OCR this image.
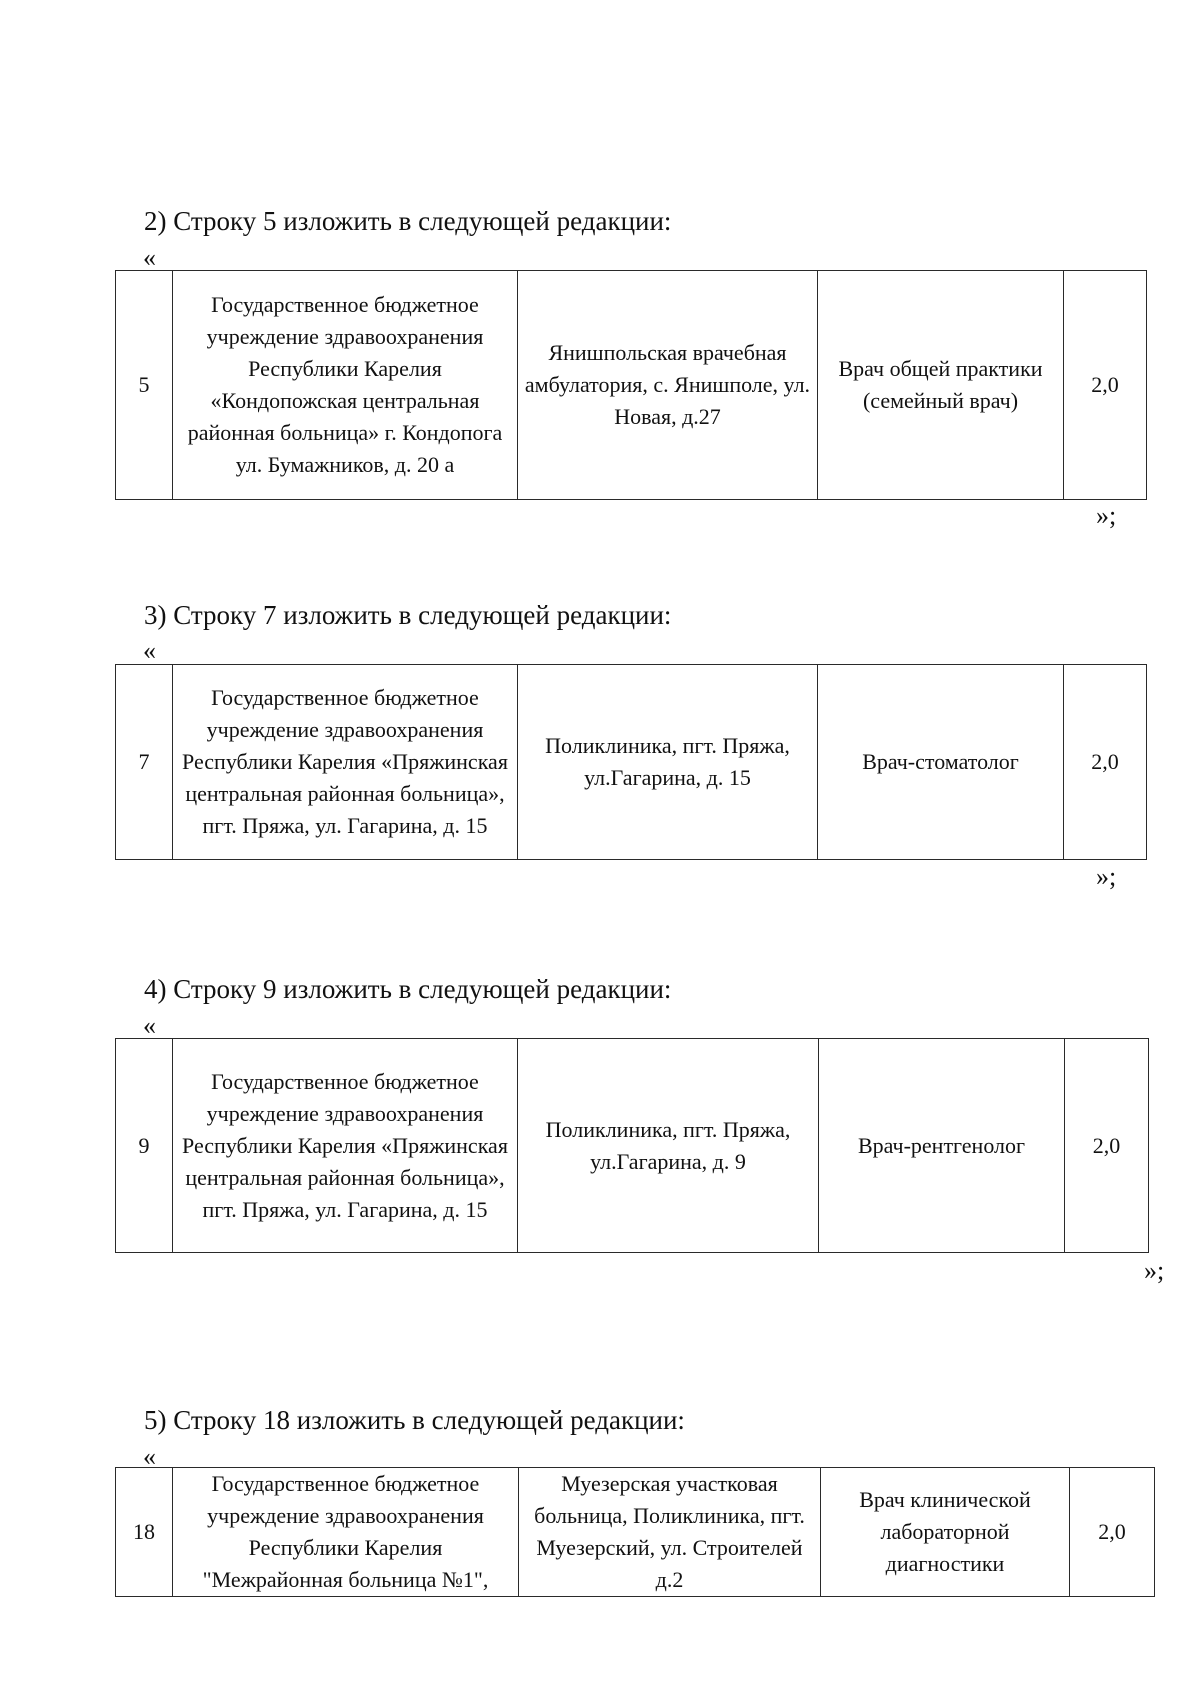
2) Строку 5 изложить в следующей редакции:
«
5	Государственное бюджетное учреждение здравоохранения Республики Карелия «Кондопожская центральная районная больница» г. Кондопога ул. Бумажников, д. 20 а	Янишпольская врачебная амбулатория, с. Янишполе, ул. Новая, д.27	Врач общей практики (семейный врач)	2,0
»;
3) Строку 7 изложить в следующей редакции:
«
7	Государственное бюджетное учреждение здравоохранения Республики Карелия «Пряжинская центральная районная больница», пгт. Пряжа, ул. Гагарина, д. 15	Поликлиника, пгт. Пряжа, ул.Гагарина, д. 15	Врач-стоматолог	2,0
»;
4) Строку 9 изложить в следующей редакции:
«
9	Государственное бюджетное учреждение здравоохранения Республики Карелия «Пряжинская центральная районная больница», пгт. Пряжа, ул. Гагарина, д. 15	Поликлиника, пгт. Пряжа, ул.Гагарина, д. 9	Врач-рентгенолог	2,0
»;
5) Строку 18 изложить в следующей редакции:
«
18	Государственное бюджетное учреждение здравоохранения Республики Карелия "Межрайонная больница №1",	Муезерская участковая больница, Поликлиника, пгт. Муезерский, ул. Строителей д.2	Врач клинической лабораторной диагностики	2,0
